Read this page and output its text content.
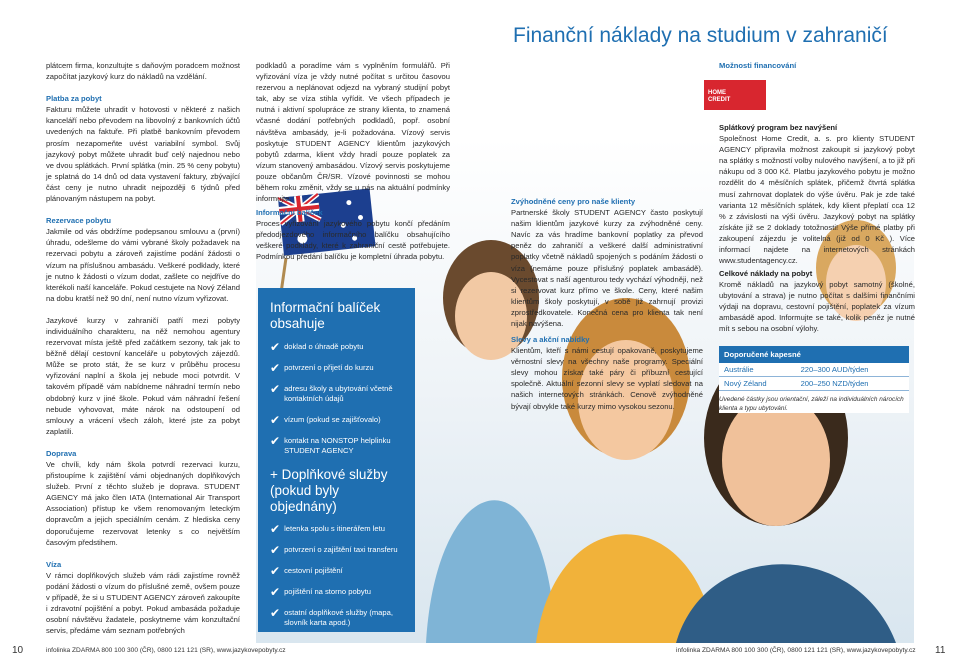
Finanční náklady na studium v zahraničí

plátcem firma, konzultujte s daňovým poradcem možnost započítat jazykový kurz do nákladů na vzdělání.

Platba za pobyt
Fakturu můžete uhradit v hotovosti v některé z našich kanceláří nebo převodem na libovolný z bankovních účtů uvedených na faktuře. Při platbě bankovním převodem prosím nezapomeňte uvést variabilní symbol. Svůj jazykový pobyt můžete uhradit buď celý najednou nebo ve dvou splátkách. První splátka (min. 25 % ceny pobytu) je splatná do 14 dnů od data vystavení faktury, zbývající část ceny je nutno uhradit nejpozději 6 týdnů před plánovaným nástupem na pobyt.

Rezervace pobytu
Jakmile od vás obdržíme podepsanou smlouvu a (první) úhradu, odešleme do vámi vybrané školy požadavek na rezervaci pobytu a zároveň zajistíme podání žádosti o vízum na příslušnou ambasádu. Veškeré podklady, které je nutno k žádosti o vízum dodat, zašlete co nejdříve do kterékoli naší kanceláře. Pokud cestujete na Nový Zéland na dobu kratší než 90 dní, není nutno vízum vyřizovat.

Jazykové kurzy v zahraničí patří mezi pobyty individuálního charakteru, na něž nemohou agentury rezervovat místa ještě před začátkem sezony, tak jak to běžně dělají cestovní kanceláře u pobytových zájezdů. Může se proto stát, že se kurz v průběhu procesu vyřizování naplní a škola jej nebude moci potvrdit. V takovém případě vám nabídneme náhradní termín nebo obdobný kurz v jiné škole. Pokud vám náhradní řešení nebude vyhovovat, máte nárok na odstoupení od smlouvy a vrácení všech záloh, které jste za pobyt zaplatili.

Doprava
Ve chvíli, kdy nám škola potvrdí rezervaci kurzu, přistoupíme k zajištění vámi objednaných doplňkových služeb. První z těchto služeb je doprava. STUDENT AGENCY má jako člen IATA (International Air Transport Association) přístup ke všem renomovaným leteckým dopravcům a jejich speciálním cenám. Z hlediska ceny doporučujeme rezervovat letenky s co největším časovým předstihem.

Víza
V rámci doplňkových služeb vám rádi zajistíme rovněž podání žádosti o vízum do příslušné země, ovšem pouze v případě, že si u STUDENT AGENCY zároveň zakoupíte i zdravotní pojištění a pobyt. Pokud ambasáda požaduje osobní návštěvu žadatele, poskytneme vám konzultační servis, předáme vám seznam potřebných

podkladů a poradíme vám s vyplněním formulářů. Při vyřizování víza je vždy nutné počítat s určitou časovou rezervou a neplánovat odjezd na vybraný studijní pobyt tak, aby se víza stihla vyřídit. Ve všech případech je nutná i aktivní spolupráce ze strany klienta, to znamená včasné dodání potřebných podkladů, popř. osobní návštěva ambasády, je-li požadována. Vízový servis poskytuje STUDENT AGENCY klientům jazykových pobytů zdarma, klient vždy hradí pouze poplatek za vízum stanovený ambasádou. Vízový servis poskytujeme pouze občanům ČR/SR. Vízové povinnosti se mohou během roku změnit, vždy se u nás na aktuální podmínky informujte.

Informační balíček
Proces vyřizování jazykového pobytu končí předáním předodjezdového informačního balíčku obsahujícího veškeré podklady, které k zahraniční cestě potřebujete. Podmínkou předání balíčku je kompletní úhrada pobytu.
Informační balíček obsahuje
✔ doklad o úhradě pobytu
✔ potvrzení o přijetí do kurzu
✔ adresu školy a ubytování včetně kontaktních údajů
✔ vízum (pokud se zajišťovalo)
✔ kontakt na NONSTOP helplinku STUDENT AGENCY
+ Doplňkové služby (pokud byly objednány)
✔ letenka spolu s itinerářem letu
✔ potvrzení o zajištění taxi transferu
✔ cestovní pojištění
✔ pojištění na storno pobytu
✔ ostatní doplňkové služby (mapa, slovník karta apod.)
Zvýhodněné ceny pro naše klienty
Partnerské školy STUDENT AGENCY často poskytují našim klientům jazykové kurzy za zvýhodněné ceny. Navíc za vás hradíme bankovní poplatky za převod peněz do zahraničí a veškeré další administrativní poplatky včetně nákladů spojených s podáním žádosti o víza (nemáme pouze příslušný poplatek ambasádě). Vycestovat s naší agenturou tedy vychází výhodněji, než si rezervovat kurz přímo ve škole. Ceny, které našim klientům školy poskytují, v sobě již zahrnují provizi zprostředkovatele. Konečná cena pro klienta tak není nijak navýšena.
Slevy a akční nabídky
Klientům, kteří s námi cestují opakovaně, poskytujeme věrnostní slevy na všechny naše programy. Speciální slevy mohou získat také páry či příbuzní cestující společně. Aktuální sezonní slevy se vyplatí sledovat na našich internetových stránkách. Cenově zvýhodněné bývají obvykle také kurzy mimo vysokou sezonu.
Možnosti financování
HOME
CREDIT
Splátkový program bez navýšení
Společnost Home Credit, a. s. pro klienty STUDENT AGENCY připravila možnost zakoupit si jazykový pobyt na splátky s možností volby nulového navýšení, a to již při nákupu od 3 000 Kč. Platbu jazykového pobytu je možno rozdělit do 4 měsíčních splátek, přičemž čtvrtá splátka musí zahrnovat doplatek do výše úvěru. Pak je zde také varianta 12 měsíčních splátek, kdy klient přeplatí cca 12 % z závislosti na výši úvěru. Jazykový pobyt na splátky získáte již se 2 doklady totožnosti! Výše přímé platby při zakoupení zájezdu je volitelná (již od 0 Kč ). Více informací najdete na internetových stránkách www.studentagency.cz.
Celkové náklady na pobyt
Kromě nákladů na jazykový pobyt samotný (školné, ubytování a strava) je nutno počítat s dalšími finančními výdaji na dopravu, cestovní pojištění, poplatek za vízum ambasádě apod. Informujte se také, kolik peněz je nutné mít s sebou na osobní výlohy.
Doporučené kapesné	
Austrálie	220–300 AUD/týden
Nový Zéland	200–250 NZD/týden
Uvedené částky jsou orientační, záleží na individuálních nárocích klienta a typu ubytování.
10	infolinka ZDARMA 800 100 300 (ČR), 0800 121 121 (SR), www.jazykovepobyty.cz	infolinka ZDARMA 800 100 300 (ČR), 0800 121 121 (SR), www.jazykovepobyty.cz 11
